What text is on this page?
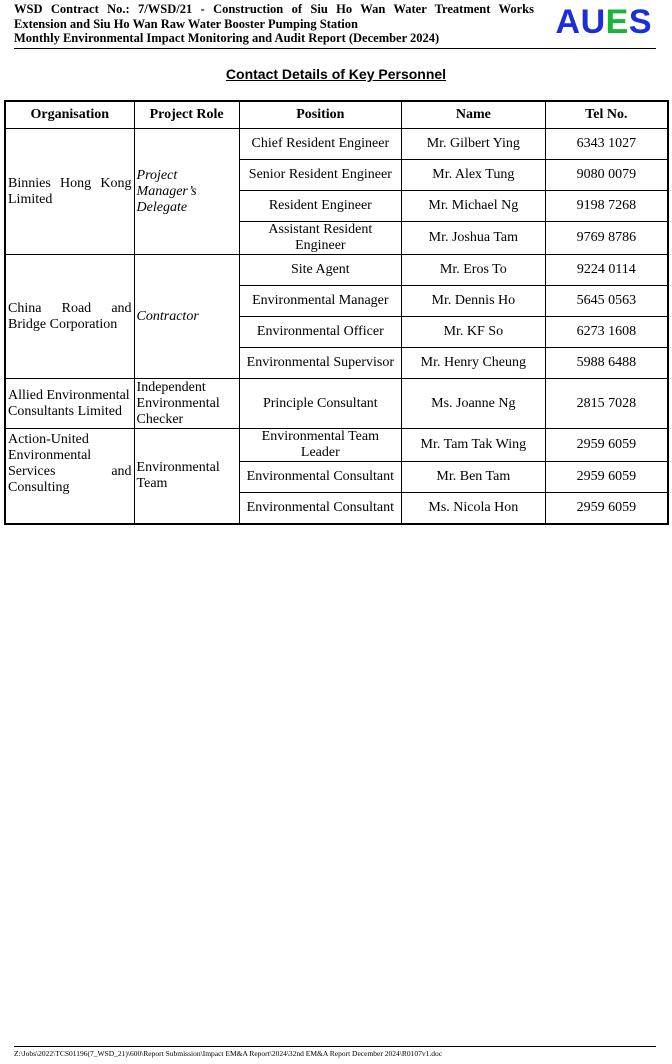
WSD Contract No.: 7/WSD/21 - Construction of Siu Ho Wan Water Treatment Works
Extension and Siu Ho Wan Raw Water Booster Pumping Station
Monthly Environmental Impact Monitoring and Audit Report (December 2024)	AUES
Contact Details of Key Personnel
Organisation	Project Role	Position	Name	Tel No.
Binnies Hong Kong Limited	Project Manager’s Delegate	Chief Resident Engineer	Mr. Gilbert Ying	6343 1027
		Senior Resident Engineer	Mr. Alex Tung	9080 0079
		Resident Engineer	Mr. Michael Ng	9198 7268
		Assistant Resident Engineer	Mr. Joshua Tam	9769 8786
China Road and Bridge Corporation	Contractor	Site Agent	Mr. Eros To	9224 0114
		Environmental Manager	Mr. Dennis Ho	5645 0563
		Environmental Officer	Mr. KF So	6273 1608
		Environmental Supervisor	Mr. Henry Cheung	5988 6488
Allied Environmental Consultants Limited	Independent Environmental Checker	Principle Consultant	Ms. Joanne Ng	2815 7028
Action-United Environmental Services and Consulting	Environmental Team	Environmental Team Leader	Mr. Tam Tak Wing	2959 6059
		Environmental Consultant	Mr. Ben Tam	2959 6059
		Environmental Consultant	Ms. Nicola Hon	2959 6059
Z:\Jobs\2022\TCS01196(7_WSD_21)\600\Report Submission\Impact EM&A Report\2024\32nd EM&A Report December 2024\R0107v1.doc
